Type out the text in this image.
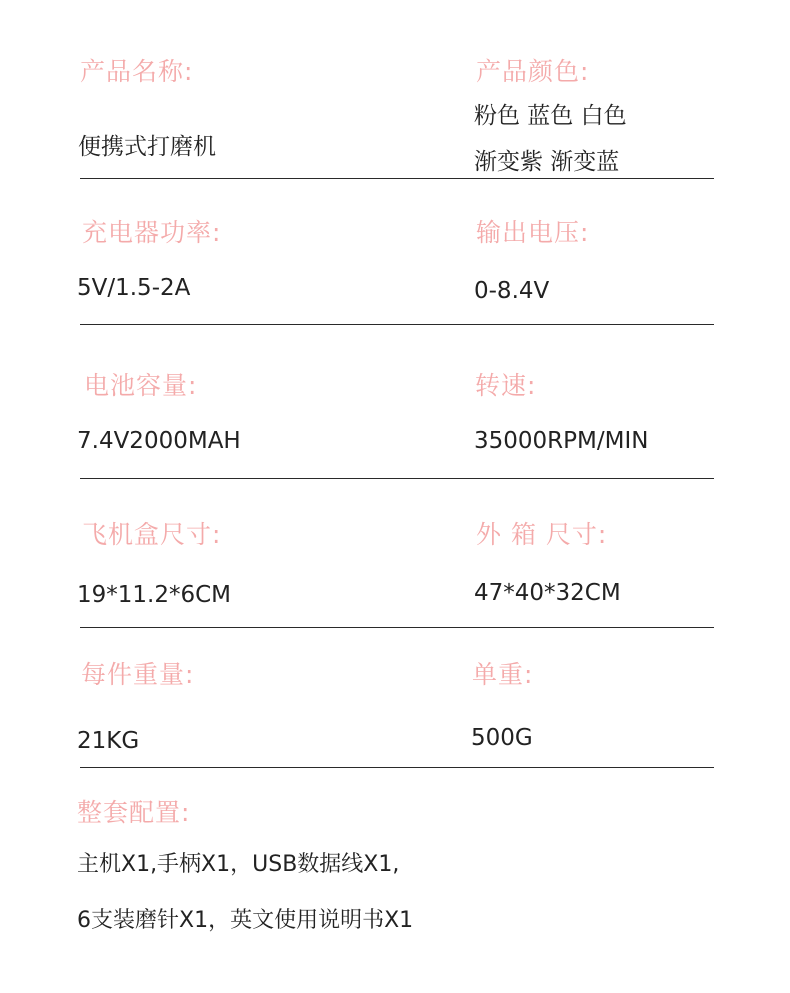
产品名称:
便携式打磨机
产品颜色:
粉色 蓝色 白色
渐变紫 渐变蓝
充电器功率:
5V/1.5-2A
输出电压:
0-8.4V
电池容量:
7.4V2000MAH
转速:
35000RPM/MIN
飞机盒尺寸:
19*11.2*6CM
外 箱 尺寸:
47*40*32CM
每件重量:
21KG
单重:
500G
整套配置:
主机X1,手柄X1，USB数据线X1,
6支装磨针X1，英文使用说明书X1
